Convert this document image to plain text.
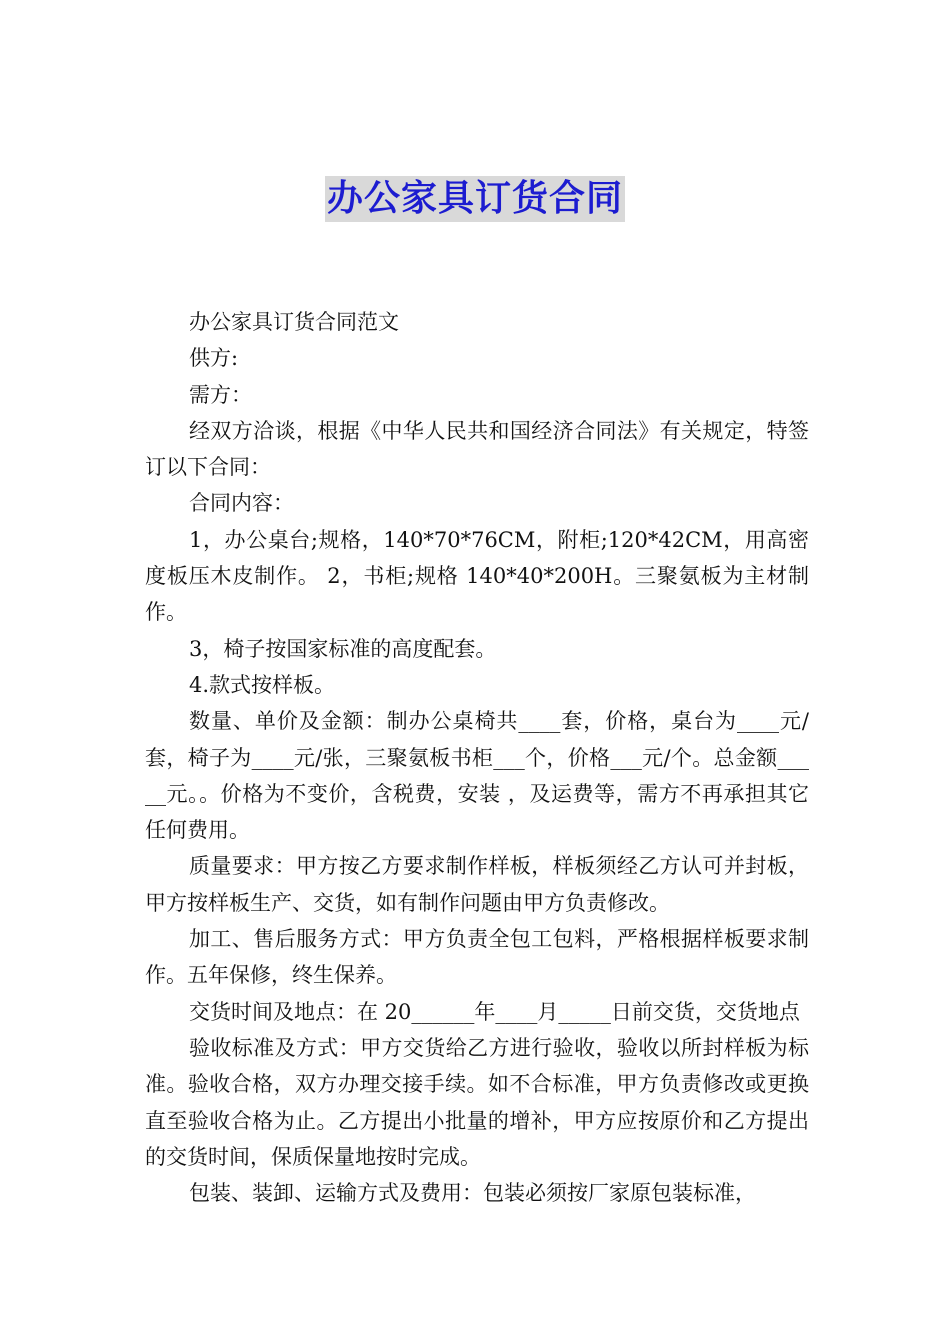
办公家具订货合同

办公家具订货合同范文

供方:

需方：

经双方洽谈，根据《中华人民共和国经济合同法》有关规定，特签订以下合同：

合同内容：

1，办公桌台;规格，140*70*76CM，附柜;120*42CM，用高密度板压木皮制作。 2，书柜;规格 140*40*200H。三聚氨板为主材制作。

3，椅子按国家标准的高度配套。

4.款式按样板。

数量、单价及金额：制办公桌椅共____套，价格，桌台为____元/套，椅子为____元/张，三聚氨板书柜___个，价格___元/个。总金额_____元。。价格为不变价，含税费，安装 ，及运费等，需方不再承担其它任何费用。

质量要求：甲方按乙方要求制作样板，样板须经乙方认可并封板，甲方按样板生产、交货，如有制作问题由甲方负责修改。

加工、售后服务方式：甲方负责全包工包料，严格根据样板要求制作。五年保修，终生保养。

交货时间及地点：在 20______年____月_____日前交货，交货地点

验收标准及方式：甲方交货给乙方进行验收，验收以所封样板为标准。验收合格，双方办理交接手续。如不合标准，甲方负责修改或更换直至验收合格为止。乙方提出小批量的增补，甲方应按原价和乙方提出的交货时间，保质保量地按时完成。

包装、装卸、运输方式及费用：包装必须按厂家原包装标准，
